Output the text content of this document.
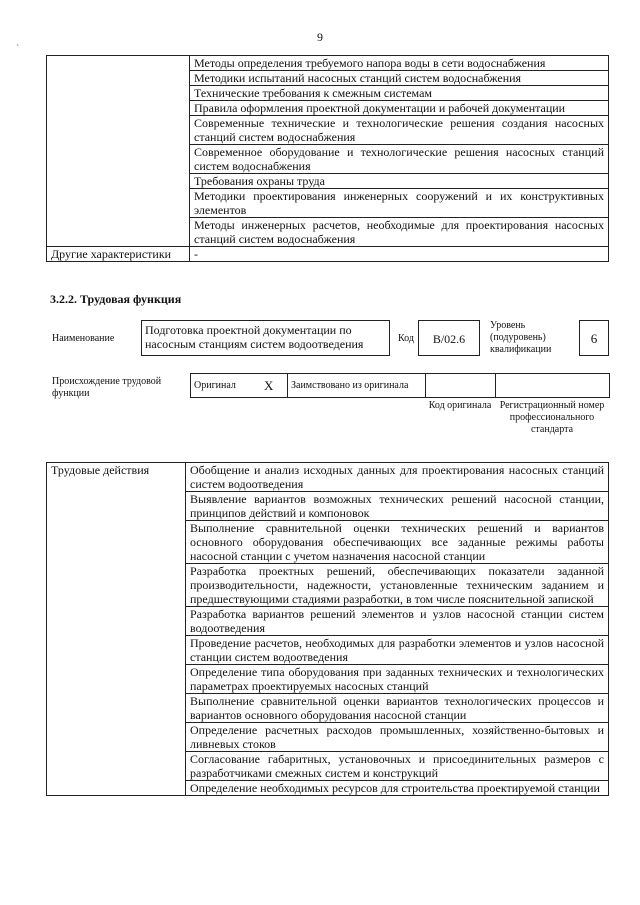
9
`
	Методы определения требуемого напора воды в сети водоснабжения
	Методики испытаний насосных станций систем водоснабжения
	Технические требования к смежным системам
	Правила оформления проектной документации и рабочей документации
	Современные технические и технологические решения создания насосных станций систем водоснабжения
	Современное оборудование и технологические решения насосных станций систем водоснабжения
	Требования охраны труда
	Методики проектирования инженерных сооружений и их конструктивных элементов
	Методы инженерных расчетов, необходимые для проектирования насосных станций систем водоснабжения
Другие характеристики	-
3.2.2. Трудовая функция
Наименование
Подготовка проектной документации по насосным станциям систем водоотведения	Код	В/02.6
Уровень (подуровень) квалификации
6
Происхождение трудовой функции
Оригинал	X	Заимствовано из оригинала		
Код оригинала Регистрационный номер профессионального стандарта
Трудовые действия	Обобщение и анализ исходных данных для проектирования насосных станций систем водоотведения
Выявление вариантов возможных технических решений насосной станции, принципов действий и компоновок
Выполнение сравнительной оценки технических решений и вариантов основного оборудования обеспечивающих все заданные режимы работы насосной станции с учетом назначения насосной станции
Разработка проектных решений, обеспечивающих показатели заданной производительности, надежности, установленные техническим заданием и предшествующими стадиями разработки, в том числе пояснительной запиской
Разработка вариантов решений элементов и узлов насосной станции систем водоотведения
Проведение расчетов, необходимых для разработки элементов и узлов насосной станции систем водоотведения
Определение типа оборудования при заданных технических и технологических параметрах проектируемых насосных станций
Выполнение сравнительной оценки вариантов технологических процессов и вариантов основного оборудования насосной станции
Определение расчетных расходов промышленных, хозяйственно-бытовых и ливневых стоков
Согласование габаритных, установочных и присоединительных размеров с разработчиками смежных систем и конструкций
Определение необходимых ресурсов для строительства проектируемой станции
